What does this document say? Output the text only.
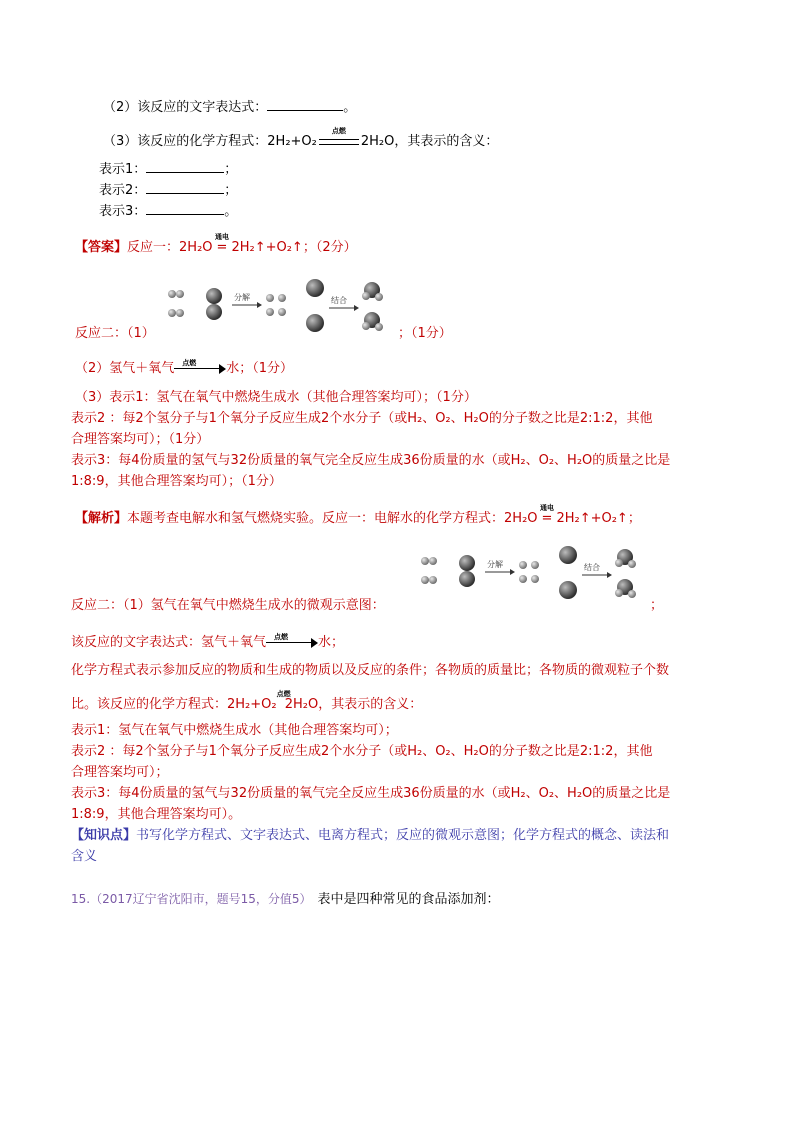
（2）该反应的文字表达式：	。
（3）该反应的化学方程式：2H₂+O₂
点燃
2H₂O，其表示的含义：
表示1：	；
表示2：	；
表示3：	。
【答案】反应一：2H₂O
通电
= 2H₂↑+O₂↑；（2分）
分解	结合
反应二：（1）	；（1分）
（2）氢气＋氧气 点燃 水；（1分）
（3）表示1：氢气在氧气中燃烧生成水（其他合理答案均可）；（1分）
表示2 ：每2个氢分子与1个氧分子反应生成2个水分子（或H₂、O₂、H₂O的分子数之比是2:1:2，其他
合理答案均可）；（1分）
表示3：每4份质量的氢气与32份质量的氧气完全反应生成36份质量的水（或H₂、O₂、H₂O的质量之比是
1:8:9，其他合理答案均可）；（1分）
【解析】本题考查电解水和氢气燃烧实验。反应一：电解水的化学方程式：2H₂O
通电
= 2H₂↑+O₂↑；
分解	结合
反应二：（1）氢气在氧气中燃烧生成水的微观示意图：	；
该反应的文字表达式：氢气＋氧气 点燃 水；
化学方程式表示参加反应的物质和生成的物质以及反应的条件；各物质的质量比；各物质的微观粒子个数
比。该反应的化学方程式：2H₂+O₂
点燃
2H₂O，其表示的含义：
表示1：氢气在氧气中燃烧生成水（其他合理答案均可）；
表示2 ：每2个氢分子与1个氧分子反应生成2个水分子（或H₂、O₂、H₂O的分子数之比是2:1:2，其他
合理答案均可）；
表示3：每4份质量的氢气与32份质量的氧气完全反应生成36份质量的水（或H₂、O₂、H₂O的质量之比是
1:8:9，其他合理答案均可）。
【知识点】书写化学方程式、文字表达式、电离方程式；反应的微观示意图；化学方程式的概念、读法和
含义
15.（2017辽宁省沈阳市，题号15，分值5） 表中是四种常见的食品添加剂：
